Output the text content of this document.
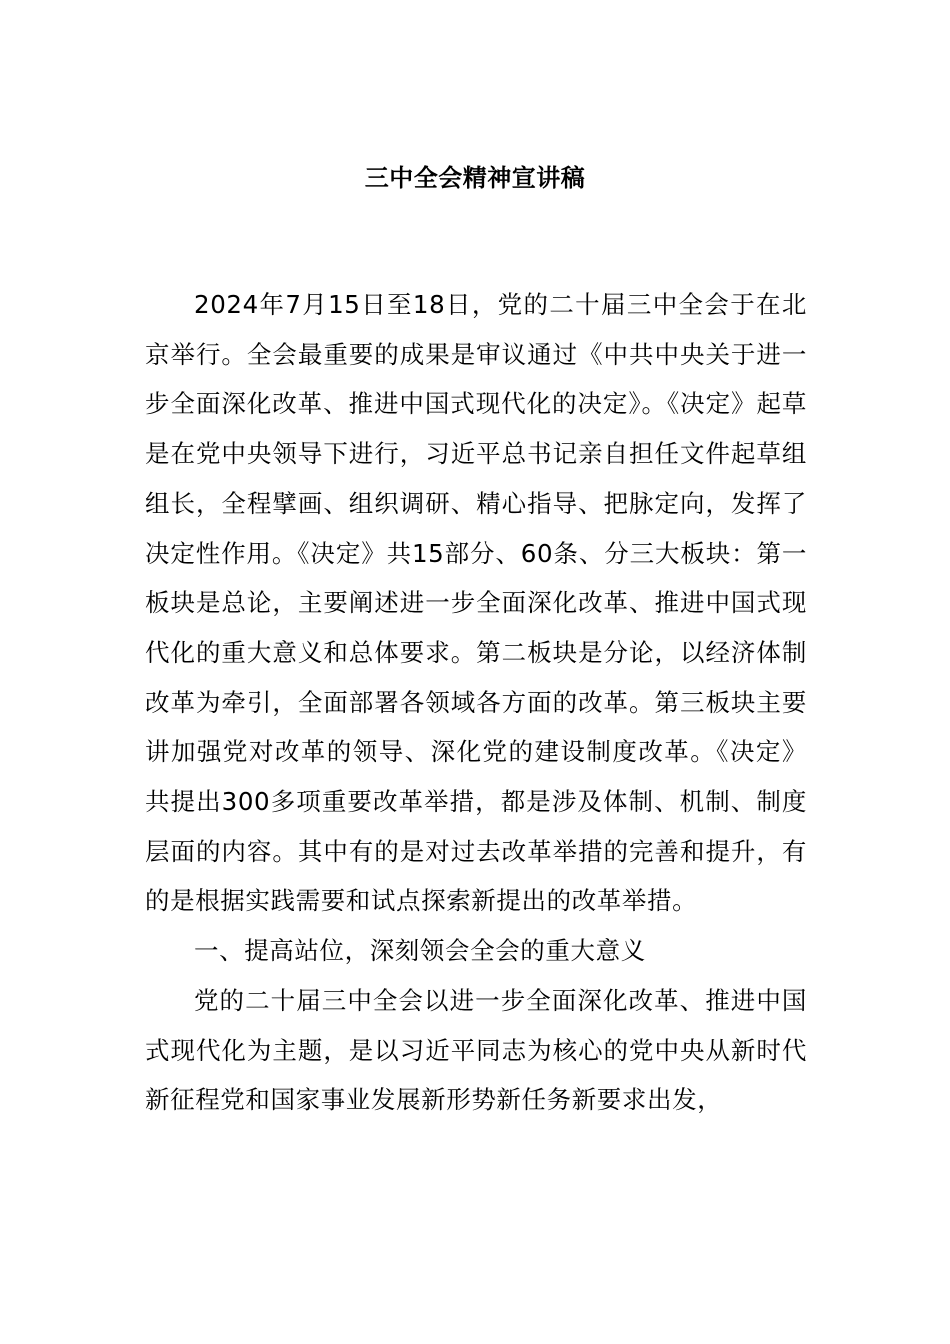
三中全会精神宣讲稿

2024年7月15日至18日，党的二十届三中全会于在北京举行。全会最重要的成果是审议通过《中共中央关于进一步全面深化改革、推进中国式现代化的决定》。《决定》起草是在党中央领导下进行，习近平总书记亲自担任文件起草组组长，全程擘画、组织调研、精心指导、把脉定向，发挥了决定性作用。《决定》共15部分、60条、分三大板块：第一板块是总论，主要阐述进一步全面深化改革、推进中国式现代化的重大意义和总体要求。第二板块是分论，以经济体制改革为牵引，全面部署各领域各方面的改革。第三板块主要讲加强党对改革的领导、深化党的建设制度改革。《决定》共提出300多项重要改革举措，都是涉及体制、机制、制度层面的内容。其中有的是对过去改革举措的完善和提升，有的是根据实践需要和试点探索新提出的改革举措。

一、提高站位，深刻领会全会的重大意义

党的二十届三中全会以进一步全面深化改革、推进中国式现代化为主题，是以习近平同志为核心的党中央从新时代新征程党和国家事业发展新形势新任务新要求出发，
